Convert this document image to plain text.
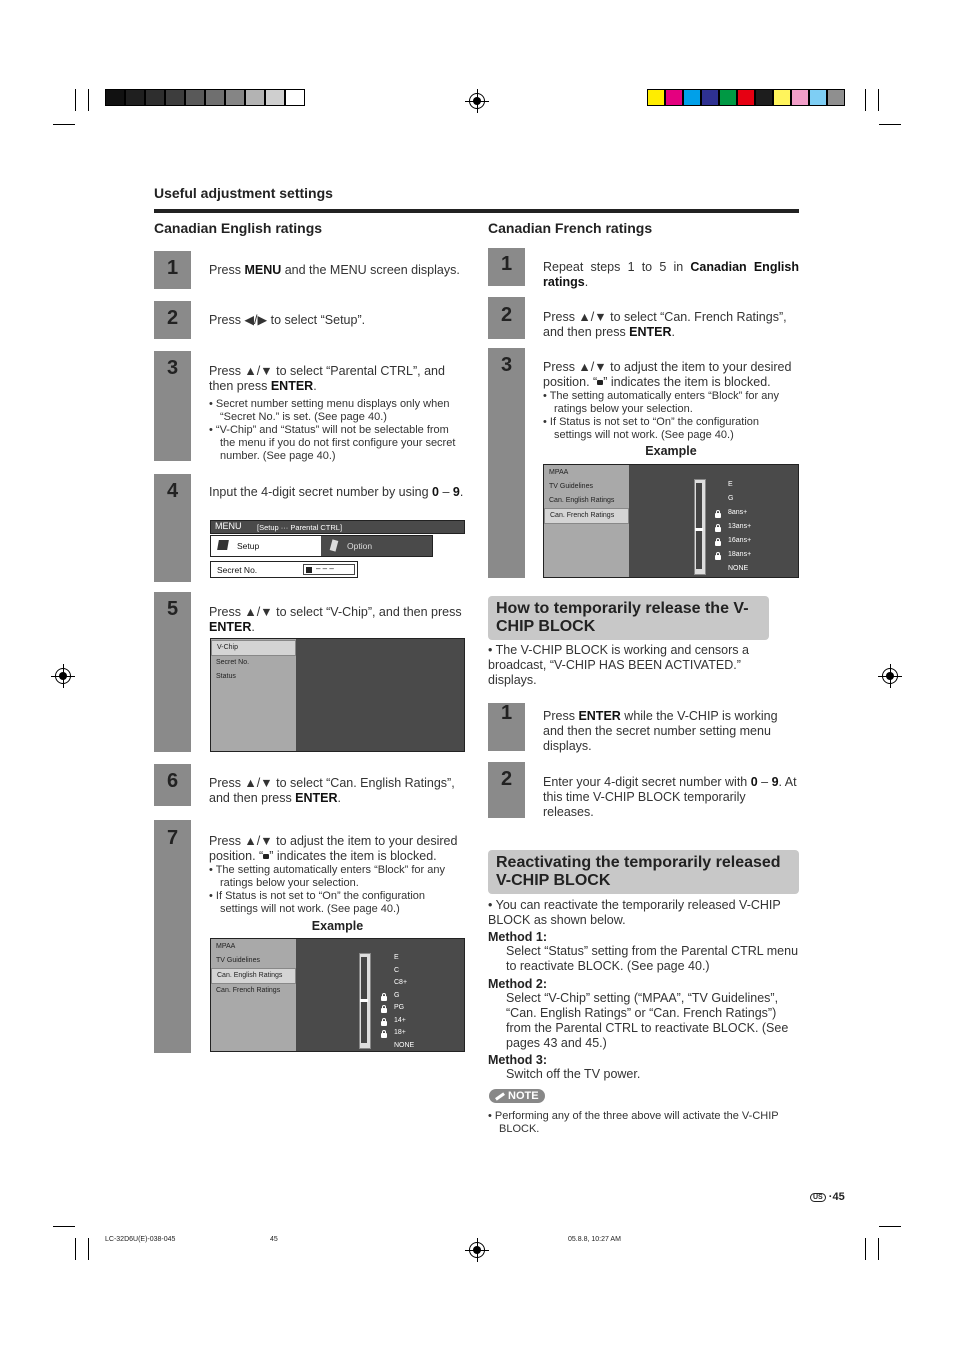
Useful adjustment settings
Canadian English ratings
1	Press MENU and the MENU screen displays.
2	Press ◀/▶ to select “Setup”.
3	Press ▲/▼ to select “Parental CTRL”, and then press ENTER.
• Secret number setting menu displays only when “Secret No.” is set. (See page 40.)
• “V-Chip” and “Status” will not be selectable from the menu if you do not first configure your secret number. (See page 40.)
4	Input the 4-digit secret number by using 0 – 9.
MENU [Setup ··· Parental CTRL]
Setup	Option
Secret No.	– – –
5	Press ▲/▼ to select “V-Chip”, and then press ENTER.
V-Chip
Secret No.
Status
6	Press ▲/▼ to select “Can. English Ratings”, and then press ENTER.
7	Press ▲/▼ to adjust the item to your desired position. “ ” indicates the item is blocked.
• The setting automatically enters “Block” for any ratings below your selection.
• If Status is not set to “On” the configuration settings will not work. (See page 40.)
Example
MPAA
TV Guidelines
Can. English Ratings
Can. French Ratings
E
C
C8+
G
PG
14+
18+
NONE
Canadian French ratings
1	Repeat steps 1 to 5 in Canadian English ratings.
2	Press ▲/▼ to select “Can. French Ratings”, and then press ENTER.
3	Press ▲/▼ to adjust the item to your desired position. “ ” indicates the item is blocked.
• The setting automatically enters “Block” for any ratings below your selection.
• If Status is not set to “On” the configuration settings will not work. (See page 40.)
Example
MPAA
TV Guidelines
Can. English Ratings
Can. French Ratings
E
G
8ans+
13ans+
16ans+
18ans+
NONE
How to temporarily release the V-CHIP BLOCK
• The V-CHIP BLOCK is working and censors a broadcast, “V-CHIP HAS BEEN ACTIVATED.” displays.
1	Press ENTER while the V-CHIP is working and then the secret number setting menu displays.
2	Enter your 4-digit secret number with 0 – 9. At this time V-CHIP BLOCK temporarily releases.
Reactivating the temporarily released V-CHIP BLOCK
• You can reactivate the temporarily released V-CHIP BLOCK as shown below.
Method 1:
Select “Status” setting from the Parental CTRL menu to reactivate BLOCK. (See page 40.)
Method 2:
Select “V-Chip” setting (“MPAA”, “TV Guidelines”, “Can. English Ratings” or “Can. French Ratings”) from the Parental CTRL to reactivate BLOCK. (See pages 43 and 45.)
Method 3:
Switch off the TV power.
NOTE
• Performing any of the three above will activate the V-CHIP BLOCK.
US ·45
LC-32D6U(E)-038-045	45	05.8.8, 10:27 AM
